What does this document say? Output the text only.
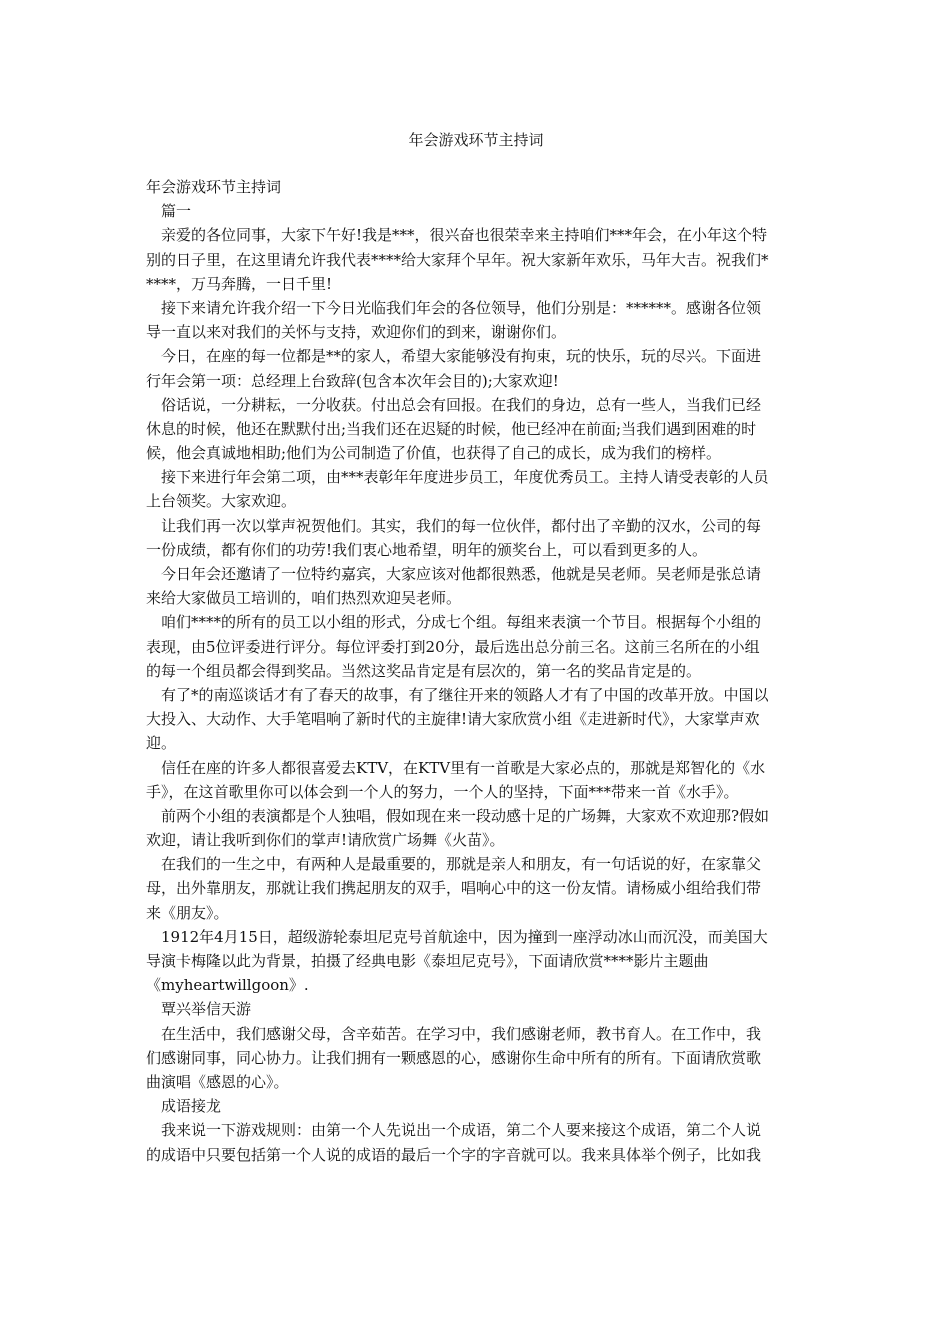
年会游戏环节主持词
年会游戏环节主持词
篇一
亲爱的各位同事，大家下午好!我是***，很兴奋也很荣幸来主持咱们***年会，在小年这个特
别的日子里，在这里请允许我代表****给大家拜个早年。祝大家新年欢乐，马年大吉。祝我们*
****，万马奔腾，一日千里!
接下来请允许我介绍一下今日光临我们年会的各位领导，他们分别是：******。感谢各位领
导一直以来对我们的关怀与支持，欢迎你们的到来，谢谢你们。
今日，在座的每一位都是**的家人，希望大家能够没有拘束，玩的快乐，玩的尽兴。下面进
行年会第一项：总经理上台致辞(包含本次年会目的);大家欢迎!
俗话说，一分耕耘，一分收获。付出总会有回报。在我们的身边，总有一些人，当我们已经
休息的时候，他还在默默付出;当我们还在迟疑的时候，他已经冲在前面;当我们遇到困难的时
候，他会真诚地相助;他们为公司制造了价值，也获得了自己的成长，成为我们的榜样。
接下来进行年会第二项，由***表彰年年度进步员工，年度优秀员工。主持人请受表彰的人员
上台领奖。大家欢迎。
让我们再一次以掌声祝贺他们。其实，我们的每一位伙伴，都付出了辛勤的汉水，公司的每
一份成绩，都有你们的功劳!我们衷心地希望，明年的颁奖台上，可以看到更多的人。
今日年会还邀请了一位特约嘉宾，大家应该对他都很熟悉，他就是吴老师。吴老师是张总请
来给大家做员工培训的，咱们热烈欢迎吴老师。
咱们****的所有的员工以小组的形式，分成七个组。每组来表演一个节目。根据每个小组的
表现，由5位评委进行评分。每位评委打到20分，最后选出总分前三名。这前三名所在的小组
的每一个组员都会得到奖品。当然这奖品肯定是有层次的，第一名的奖品肯定是的。
有了*的南巡谈话才有了春天的故事，有了继往开来的领路人才有了中国的改革开放。中国以
大投入、大动作、大手笔唱响了新时代的主旋律!请大家欣赏小组《走进新时代》，大家掌声欢
迎。
信任在座的许多人都很喜爱去KTV，在KTV里有一首歌是大家必点的，那就是郑智化的《水
手》，在这首歌里你可以体会到一个人的努力，一个人的坚持，下面***带来一首《水手》。
前两个小组的表演都是个人独唱，假如现在来一段动感十足的广场舞，大家欢不欢迎那?假如
欢迎，请让我听到你们的掌声!请欣赏广场舞《火苗》。
在我们的一生之中，有两种人是最重要的，那就是亲人和朋友，有一句话说的好，在家靠父
母，出外靠朋友，那就让我们携起朋友的双手，唱响心中的这一份友情。请杨威小组给我们带
来《朋友》。
1912年4月15日，超级游轮泰坦尼克号首航途中，因为撞到一座浮动冰山而沉没，而美国大
导演卡梅隆以此为背景，拍摄了经典电影《泰坦尼克号》，下面请欣赏****影片主题曲
《myheartwillgoon》.
覃兴举信天游
在生活中，我们感谢父母，含辛茹苦。在学习中，我们感谢老师，教书育人。在工作中，我
们感谢同事，同心协力。让我们拥有一颗感恩的心，感谢你生命中所有的所有。下面请欣赏歌
曲演唱《感恩的心》。
成语接龙
我来说一下游戏规则：由第一个人先说出一个成语，第二个人要来接这个成语，第二个人说
的成语中只要包括第一个人说的成语的最后一个字的字音就可以。我来具体举个例子，比如我
